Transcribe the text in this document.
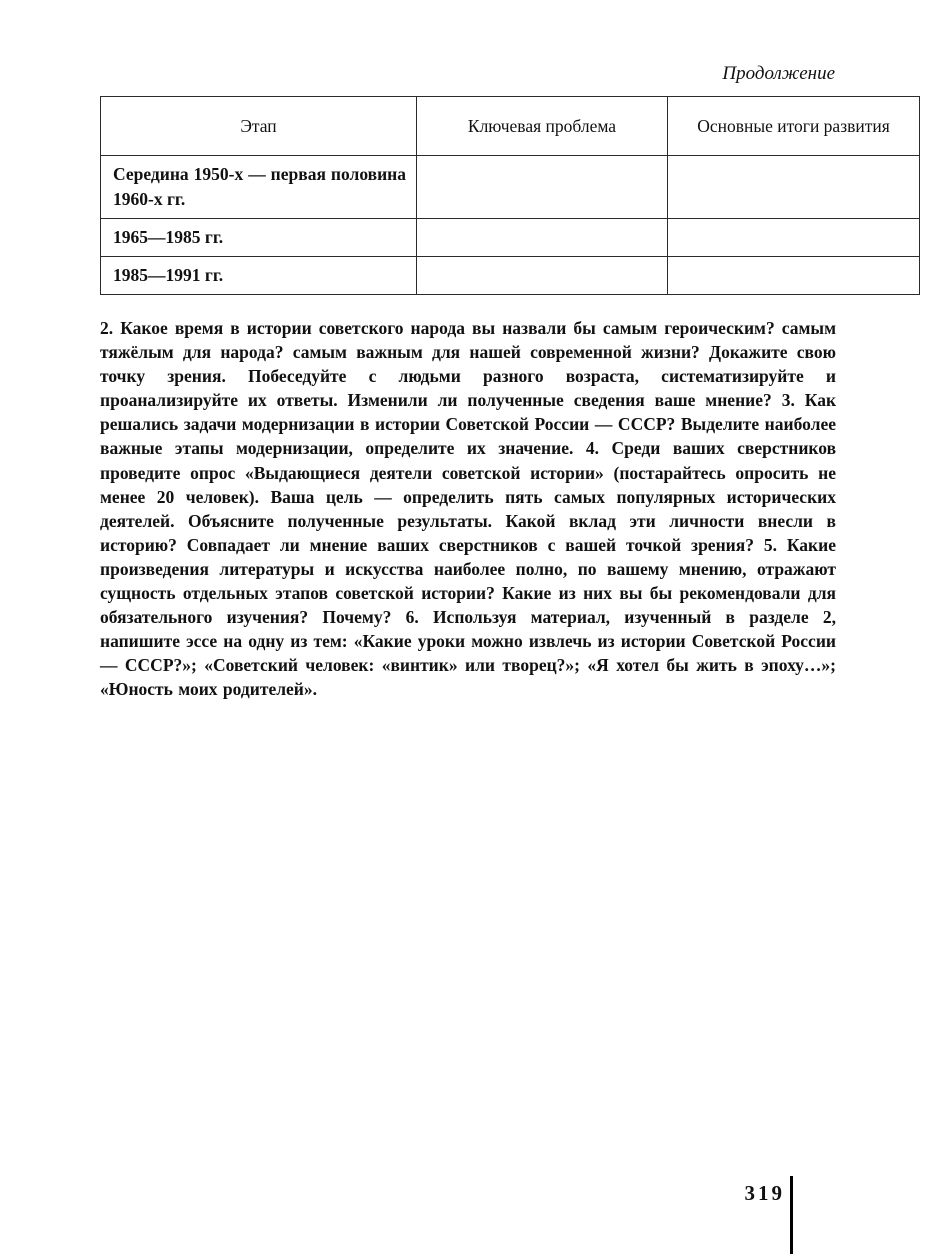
Продолжение
Этап	Ключевая проблема	Основные итоги развития
Середина 1950-х — первая половина 1960-х гг.		
1965—1985 гг.		
1985—1991 гг.		
2. Какое время в истории советского народа вы назвали бы самым героическим? самым тяжёлым для народа? самым важным для нашей современной жизни? Докажите свою точку зрения. Побеседуйте с людьми разного возраста, систематизируйте и проанализируйте их ответы. Изменили ли полученные сведения ваше мнение? 3. Как решались задачи модернизации в истории Советской России — СССР? Выделите наиболее важные этапы модернизации, определите их значение. 4. Среди ваших сверстников проведите опрос «Выдающиеся деятели советской истории» (постарайтесь опросить не менее 20 человек). Ваша цель — определить пять самых популярных исторических деятелей. Объясните полученные результаты. Какой вклад эти личности внесли в историю? Совпадает ли мнение ваших сверстников с вашей точкой зрения? 5. Какие произведения литературы и искусства наиболее полно, по вашему мнению, отражают сущность отдельных этапов советской истории? Какие из них вы бы рекомендовали для обязательного изучения? Почему? 6. Используя материал, изученный в разделе 2, напишите эссе на одну из тем: «Какие уроки можно извлечь из истории Советской России — СССР?»; «Советский человек: «винтик» или творец?»; «Я хотел бы жить в эпоху…»; «Юность моих родителей».
319
